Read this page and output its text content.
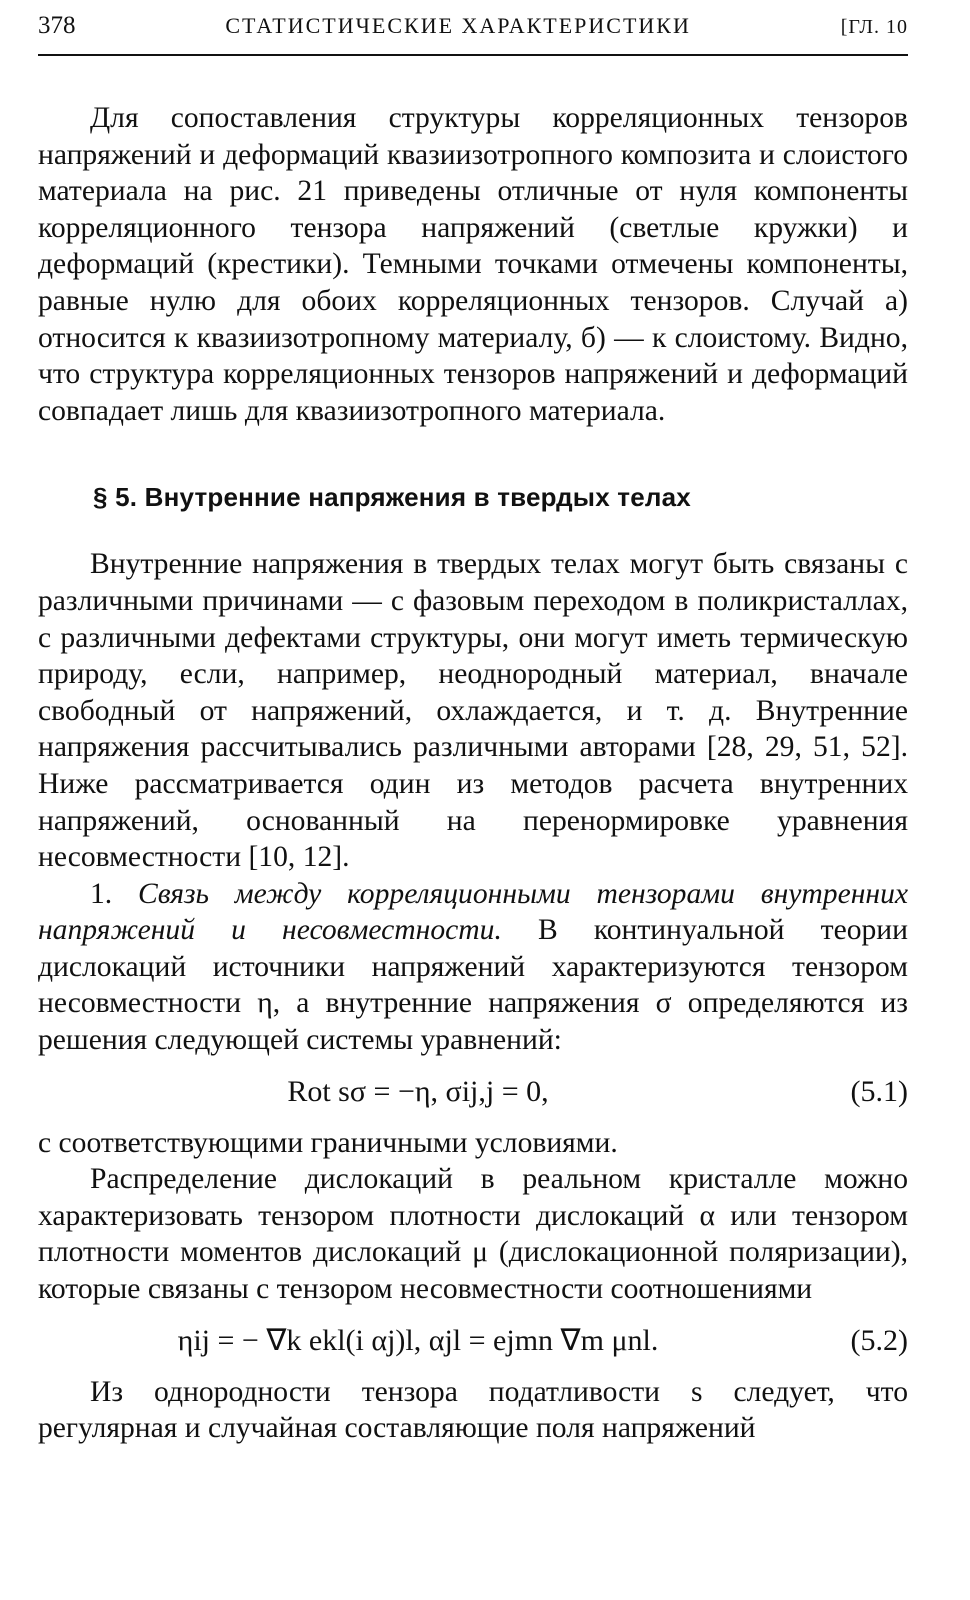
378	СТАТИСТИЧЕСКИЕ ХАРАКТЕРИСТИКИ	[ГЛ. 10

Для сопоставления структуры корреляционных тензоров напряжений и деформаций квазиизотропного композита и слоистого материала на рис. 21 приведены отличные от нуля компоненты корреляционного тензора напряжений (светлые кружки) и деформаций (крестики). Темными точками отмечены компоненты, равные нулю для обоих корреляционных тензоров. Случай а) относится к квазиизотропному материалу, б) — к слоистому. Видно, что структура корреляционных тензоров напряжений и деформаций совпадает лишь для квазиизотропного материала.

§ 5. Внутренние напряжения в твердых телах

Внутренние напряжения в твердых телах могут быть связаны с различными причинами — с фазовым переходом в поликристаллах, с различными дефектами структуры, они могут иметь термическую природу, если, например, неоднородный материал, вначале свободный от напряжений, охлаждается, и т. д. Внутренние напряжения рассчитывались различными авторами [28, 29, 51, 52]. Ниже рассматривается один из методов расчета внутренних напряжений, основанный на перенормировке уравнения несовместности [10, 12].

1. Связь между корреляционными тензорами внутренних напряжений и несовместности. В континуальной теории дислокаций источники напряжений характеризуются тензором несовместности η, а внутренние напряжения σ определяются из решения следующей системы уравнений:

Rot sσ = −η, σij,j = 0,	(5.1)

с соответствующими граничными условиями.

Распределение дислокаций в реальном кристалле можно характеризовать тензором плотности дислокаций α или тензором плотности моментов дислокаций μ (дислокационной поляризации), которые связаны с тензором несовместности соотношениями

ηij = − ∇k ekl(i αj)l, αjl = ejmn ∇m μnl.	(5.2)

Из однородности тензора податливости s следует, что регулярная и случайная составляющие поля напряжений
